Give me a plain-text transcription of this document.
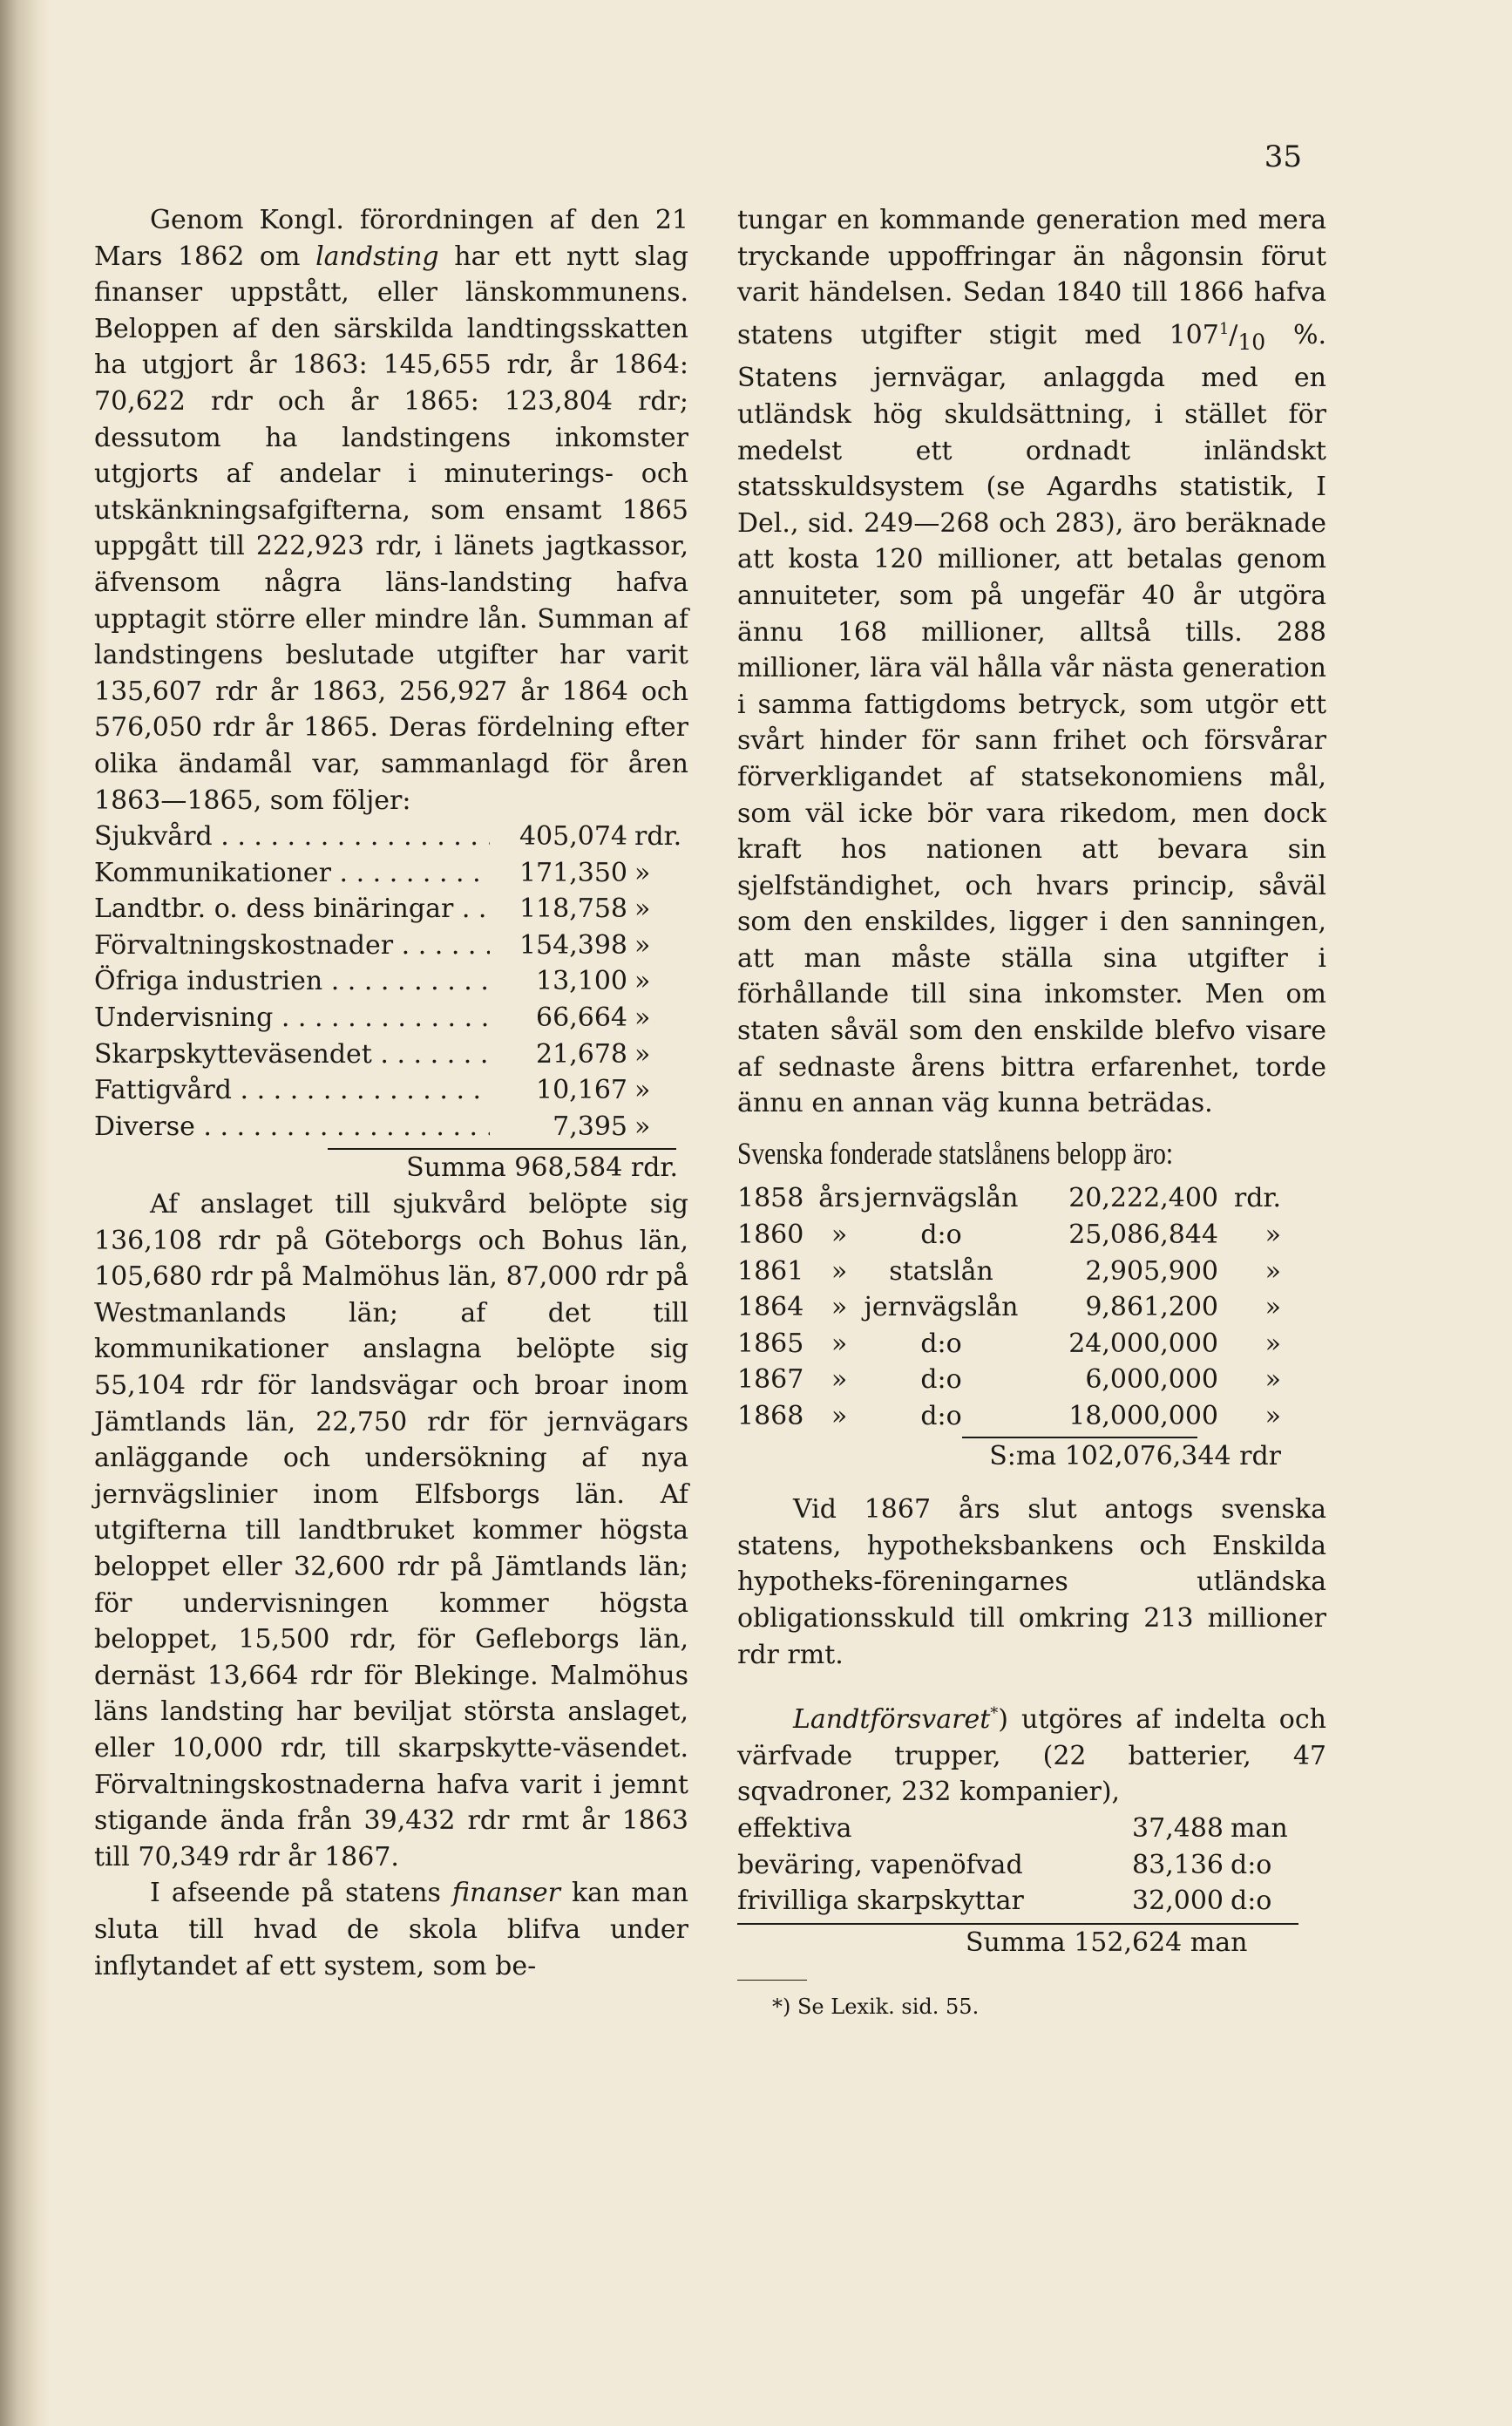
35

Genom Kongl. förordningen af den 21 Mars 1862 om landsting har ett nytt slag finanser uppstått, eller länskommunens. Beloppen af den särskilda landtingsskatten ha utgjort år 1863: 145,655 rdr, år 1864: 70,622 rdr och år 1865: 123,804 rdr; dessutom ha landstingens inkomster utgjorts af andelar i minuterings- och utskänkningsafgifterna, som ensamt 1865 uppgått till 222,923 rdr, i länets jagtkassor, äfvensom några läns-landsting hafva upptagit större eller mindre lån. Summan af landstingens beslutade utgifter har varit 135,607 rdr år 1863, 256,927 år 1864 och 576,050 rdr år 1865. Deras fördelning efter olika ändamål var, sammanlagd för åren 1863—1865, som följer:

Sjukvård . . .	405,074 rdr.
Kommunikationer . . .	171,350 »
Landtbr. o. dess binäringar . . .	118,758 »
Förvaltningskostnader . . .	154,398 »
Öfriga industrien . . .	13,100 »
Undervisning . . .	66,664 »
Skarpskytteväsendet . . .	21,678 »
Fattigvård . . .	10,167 »
Diverse . . .	7,395 »
Summa 968,584 rdr.

Af anslaget till sjukvård belöpte sig 136,108 rdr på Göteborgs och Bohus län, 105,680 rdr på Malmöhus län, 87,000 rdr på Westmanlands län; af det till kommunikationer anslagna belöpte sig 55,104 rdr för landsvägar och broar inom Jämtlands län, 22,750 rdr för jernvägars anläggande och undersökning af nya jernvägslinier inom Elfsborgs län. Af utgifterna till landtbruket kommer högsta beloppet eller 32,600 rdr på Jämtlands län; för undervisningen kommer högsta beloppet, 15,500 rdr, för Gefleborgs län, dernäst 13,664 rdr för Blekinge. Malmöhus läns landsting har beviljat största anslaget, eller 10,000 rdr, till skarpskytte-väsendet. Förvaltningskostnaderna hafva varit i jemnt stigande ända från 39,432 rdr rmt år 1863 till 70,349 rdr år 1867.

I afseende på statens finanser kan man sluta till hvad de skola blifva under inflytandet af ett system, som be-

tungar en kommande generation med mera tryckande uppoffringar än någonsin förut varit händelsen. Sedan 1840 till 1866 hafva statens utgifter stigit med $107^1/_{10}$ %. Statens jernvägar, anlaggda med en utländsk hög skuldsättning, i stället för medelst ett ordnadt inländskt statsskuldsystem (se Agardhs statistik, I Del., sid. 249—268 och 283), äro beräknade att kosta 120 millioner, att betalas genom annuiteter, som på ungefär 40 år utgöra ännu 168 millioner, alltså tills. 288 millioner, lära väl hålla vår nästa generation i samma fattigdoms betryck, som utgör ett svårt hinder för sann frihet och försvårar förverkligandet af statsekonomiens mål, som väl icke bör vara rikedom, men dock kraft hos nationen att bevara sin sjelfständighet, och hvars princip, såväl som den enskildes, ligger i den sanningen, att man måste ställa sina utgifter i förhållande till sina inkomster. Men om staten såväl som den enskilde blefvo visare af sednaste årens bittra erfarenhet, torde ännu en annan väg kunna beträdas.

Svenska fonderade statslånens belopp äro:
1858 års jernvägslån	20,222,400 rdr.
1860	»	d:o	25,086,844	»
1861	»	statslån	2,905,900	»
1864	» jernvägslån	9,861,200	»
1865	»	d:o	24,000,000	»
1867	»	d:o	6,000,000	»
1868	»	d:o	18,000,000	»
S:ma 102,076,344 rdr

Vid 1867 års slut antogs svenska statens, hypotheksbankens och Enskilda hypotheks-föreningarnes utländska obligationsskuld till omkring 213 millioner rdr rmt.

Landtförsvaret*) utgöres af indelta och värfvade trupper, (22 batterier, 47 sqvadroner, 232 kompanier),

effektiva	37,488 man
beväring, vapenöfvad	83,136 d:o
frivilliga skarpskyttar	32,000 d:o
Summa 152,624 man
*) Se Lexik. sid. 55.
